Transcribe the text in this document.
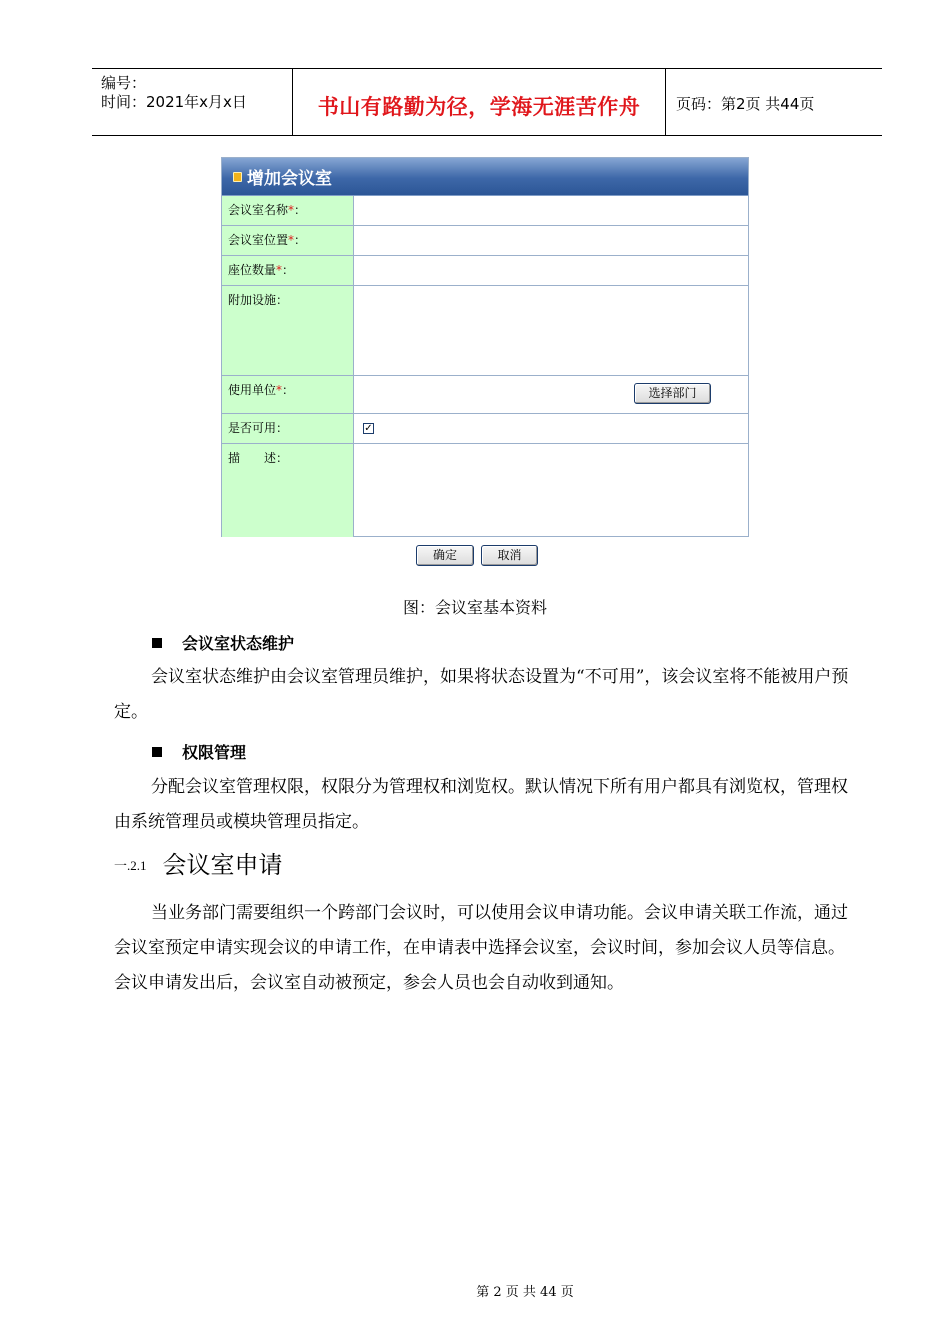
编号：
时间：2021年x月x日	书山有路勤为径，学海无涯苦作舟	页码：第2页 共44页
增加会议室
会议室名称*：
会议室位置*：
座位数量*：
附加设施：
使用单位*：	选择部门
是否可用：	✓
描　　述：
确定	取消
图：会议室基本资料
会议室状态维护
会议室状态维护由会议室管理员维护，如果将状态设置为“不可用”，该会议室将不能被用户预定。
权限管理
分配会议室管理权限，权限分为管理权和浏览权。默认情况下所有用户都具有浏览权，管理权由系统管理员或模块管理员指定。
一.2.1 会议室申请
当业务部门需要组织一个跨部门会议时，可以使用会议申请功能。会议申请关联工作流，通过会议室预定申请实现会议的申请工作，在申请表中选择会议室，会议时间，参加会议人员等信息。会议申请发出后，会议室自动被预定，参会人员也会自动收到通知。
第 2 页 共 44 页
